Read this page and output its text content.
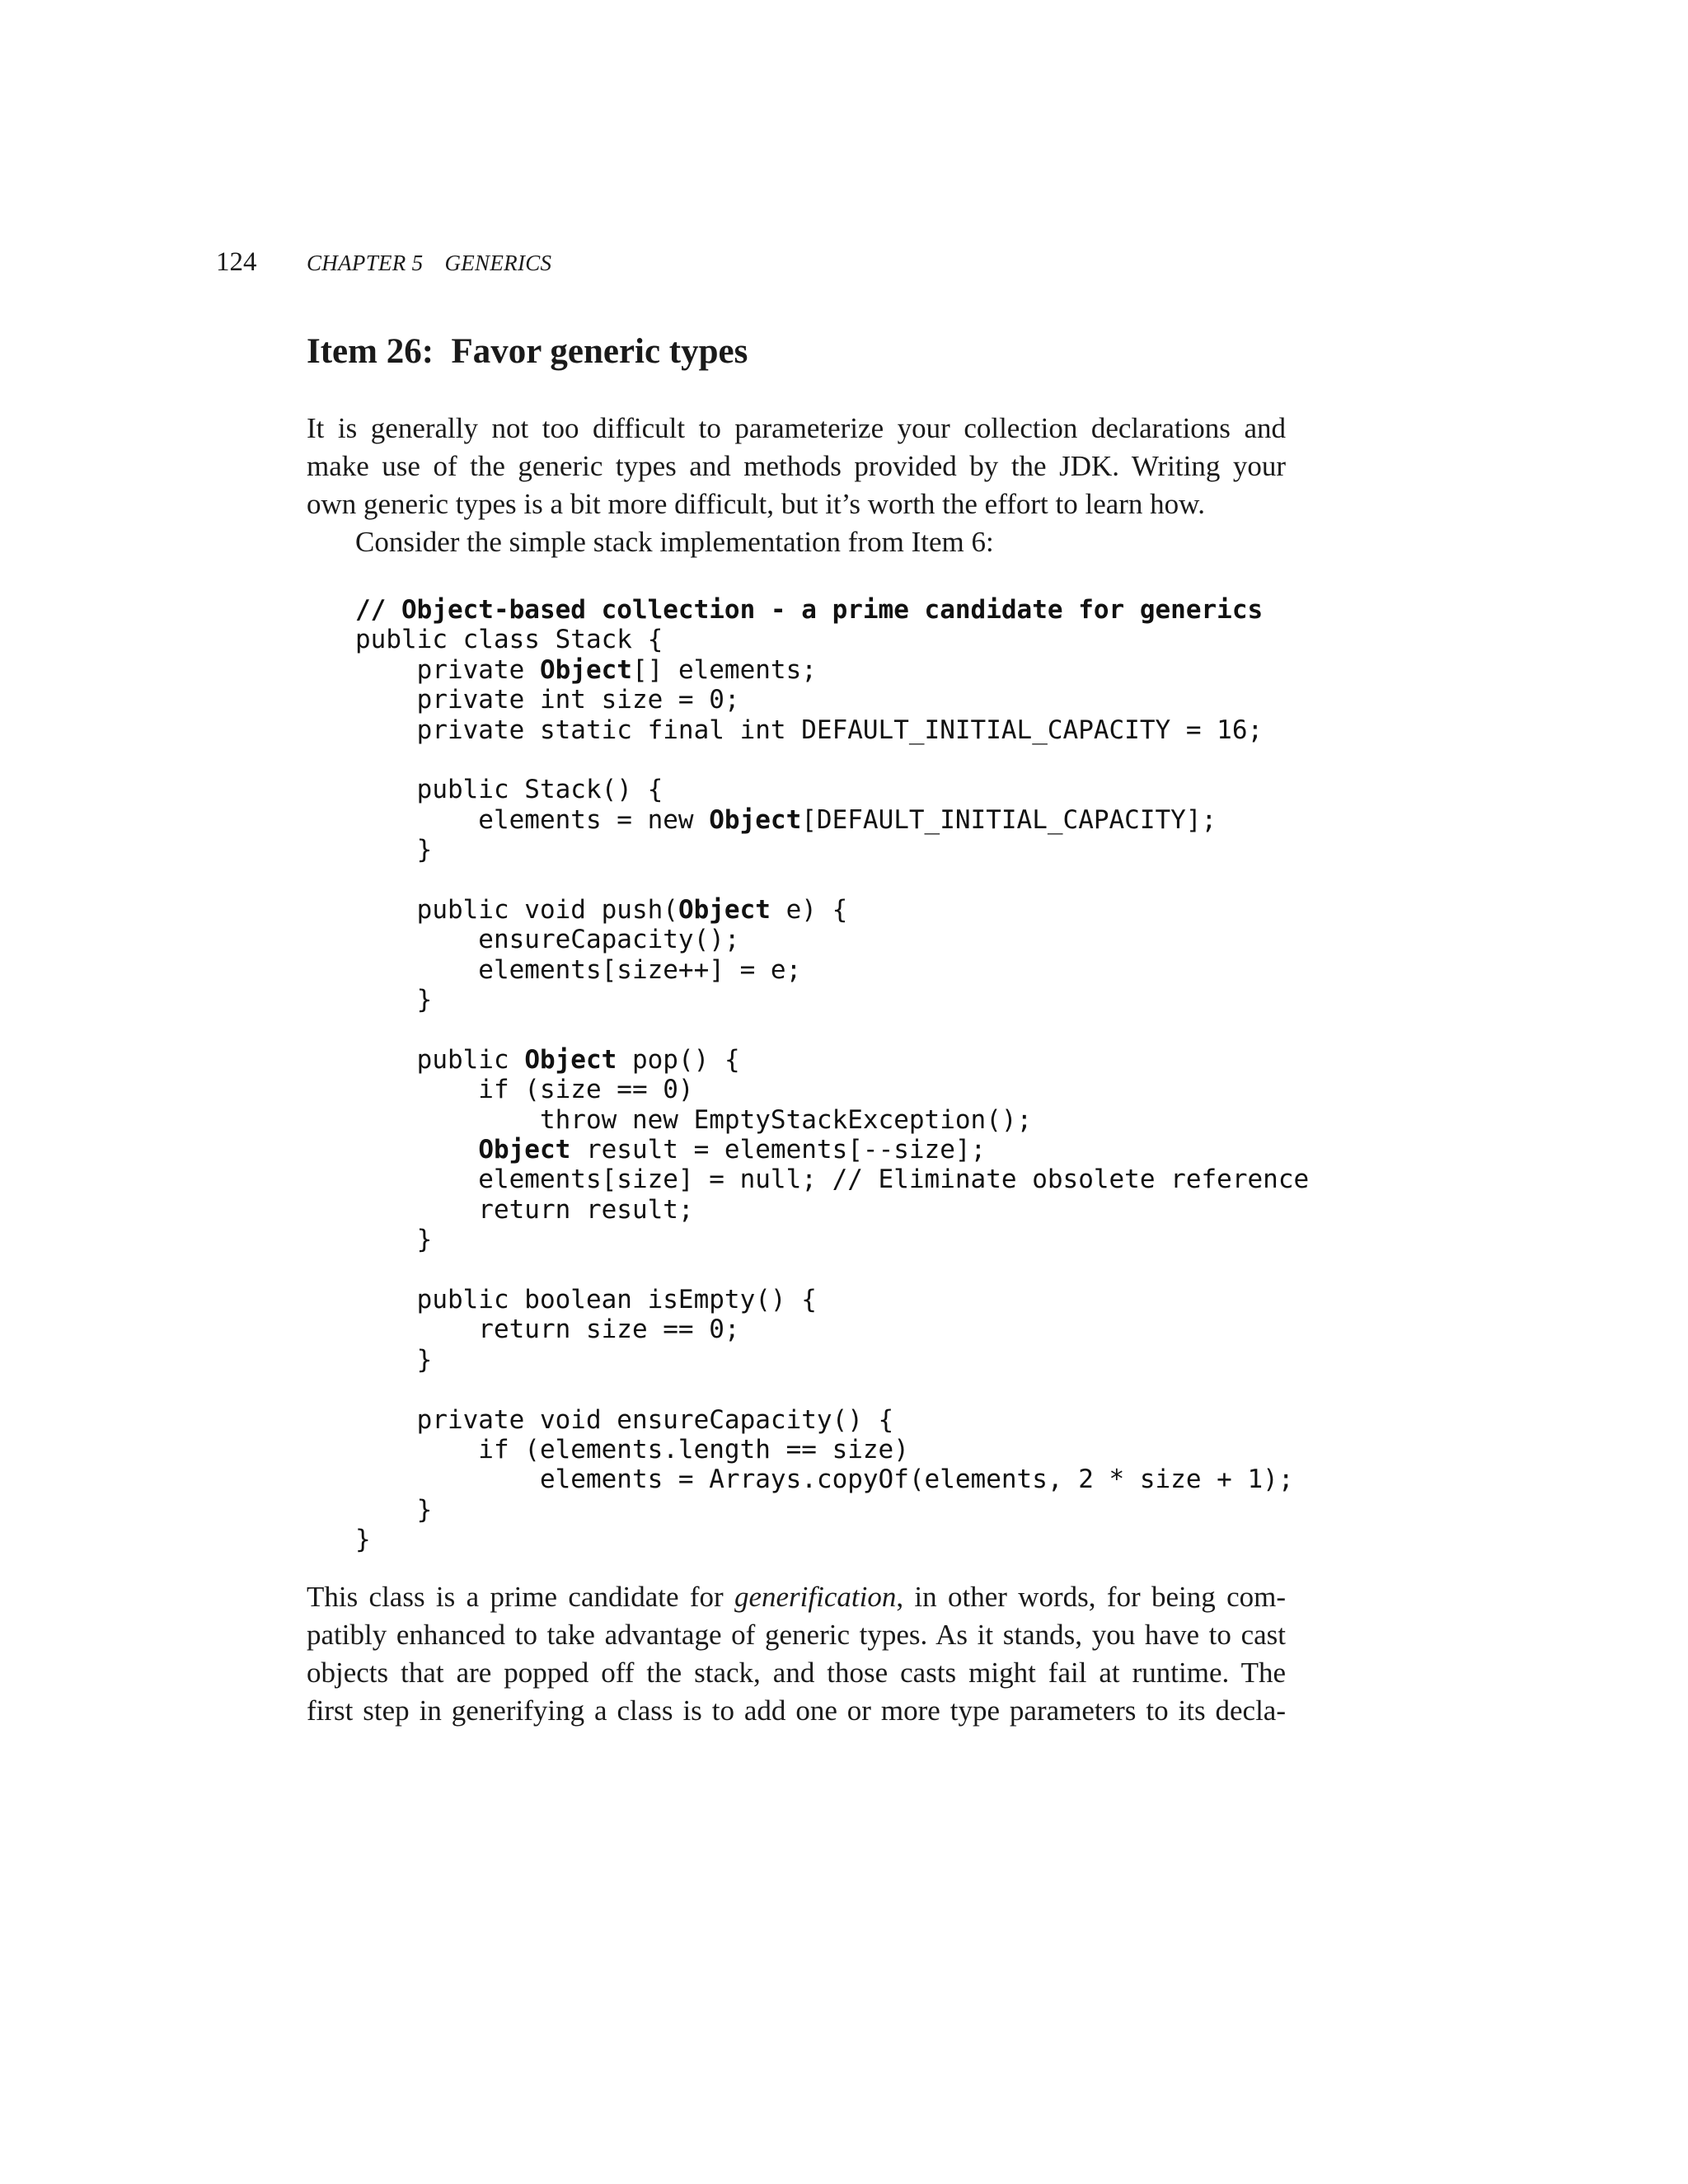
124	CHAPTER 5 GENERICS
Item 26:  Favor generic types
It is generally not too difficult to parameterize your collection declarations and
make use of the generic types and methods provided by the JDK. Writing your
own generic types is a bit more difficult, but it’s worth the effort to learn how.
Consider the simple stack implementation from Item 6:
// Object-based collection - a prime candidate for generics
public class Stack {
private Object[] elements;
private int size = 0;
private static final int DEFAULT_INITIAL_CAPACITY = 16;
public Stack() {
elements = new Object[DEFAULT_INITIAL_CAPACITY];
}
public void push(Object e) {
ensureCapacity();
elements[size++] = e;
}
public Object pop() {
if (size == 0)
throw new EmptyStackException();
Object result = elements[--size];
elements[size] = null; // Eliminate obsolete reference
return result;
}
public boolean isEmpty() {
return size == 0;
}
private void ensureCapacity() {
if (elements.length == size)
elements = Arrays.copyOf(elements, 2 * size + 1);
}
}
This class is a prime candidate for generification, in other words, for being com-
patibly enhanced to take advantage of generic types. As it stands, you have to cast
objects that are popped off the stack, and those casts might fail at runtime. The
first step in generifying a class is to add one or more type parameters to its decla-
